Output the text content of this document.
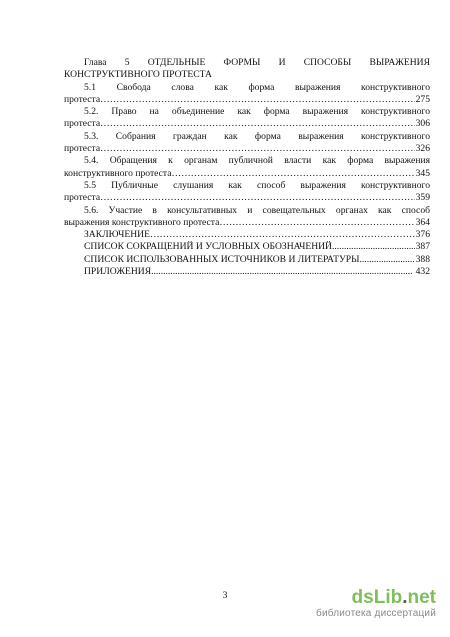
Глава 5 ОТДЕЛЬНЫЕ ФОРМЫ И СПОСОБЫ ВЫРАЖЕНИЯ
КОНСТРУКТИВНОГО ПРОТЕСТА
5.1 Свобода слова как форма выражения конструктивного
протеста ……………………………………………………………………………………………………………………………………………………………………	275
5.2. Право на объединение как форма выражения конструктивного
протеста ……………………………………………………………………………………………………………………………………………………………………	306
5.3. Собрания граждан как форма выражения конструктивного
протеста ……………………………………………………………………………………………………………………………………………………………………	326
5.4. Обращения к органам публичной власти как форма выражения
конструктивного протеста ……………………………………………………………………………………………………………………………………………………………………	345
5.5 Публичные слушания как способ выражения конструктивного
протеста ……………………………………………………………………………………………………………………………………………………………………	359
5.6. Участие в консультативных и совещательных органах как способ
выражения конструктивного протеста ……………………………………………………………………………………………………………………………………………………………………	364
ЗАКЛЮЧЕНИЕ ……………………………………………………………………………………………………………………………………………………………………	376
СПИСОК СОКРАЩЕНИЙ И УСЛОВНЫХ ОБОЗНАЧЕНИЙ .....	387
СПИСОК ИСПОЛЬЗОВАННЫХ ИСТОЧНИКОВ И ЛИТЕРАТУРЫ .....	388
ПРИЛОЖЕНИЯ .....	432
3	dsLib.net
библиотека диссертаций
